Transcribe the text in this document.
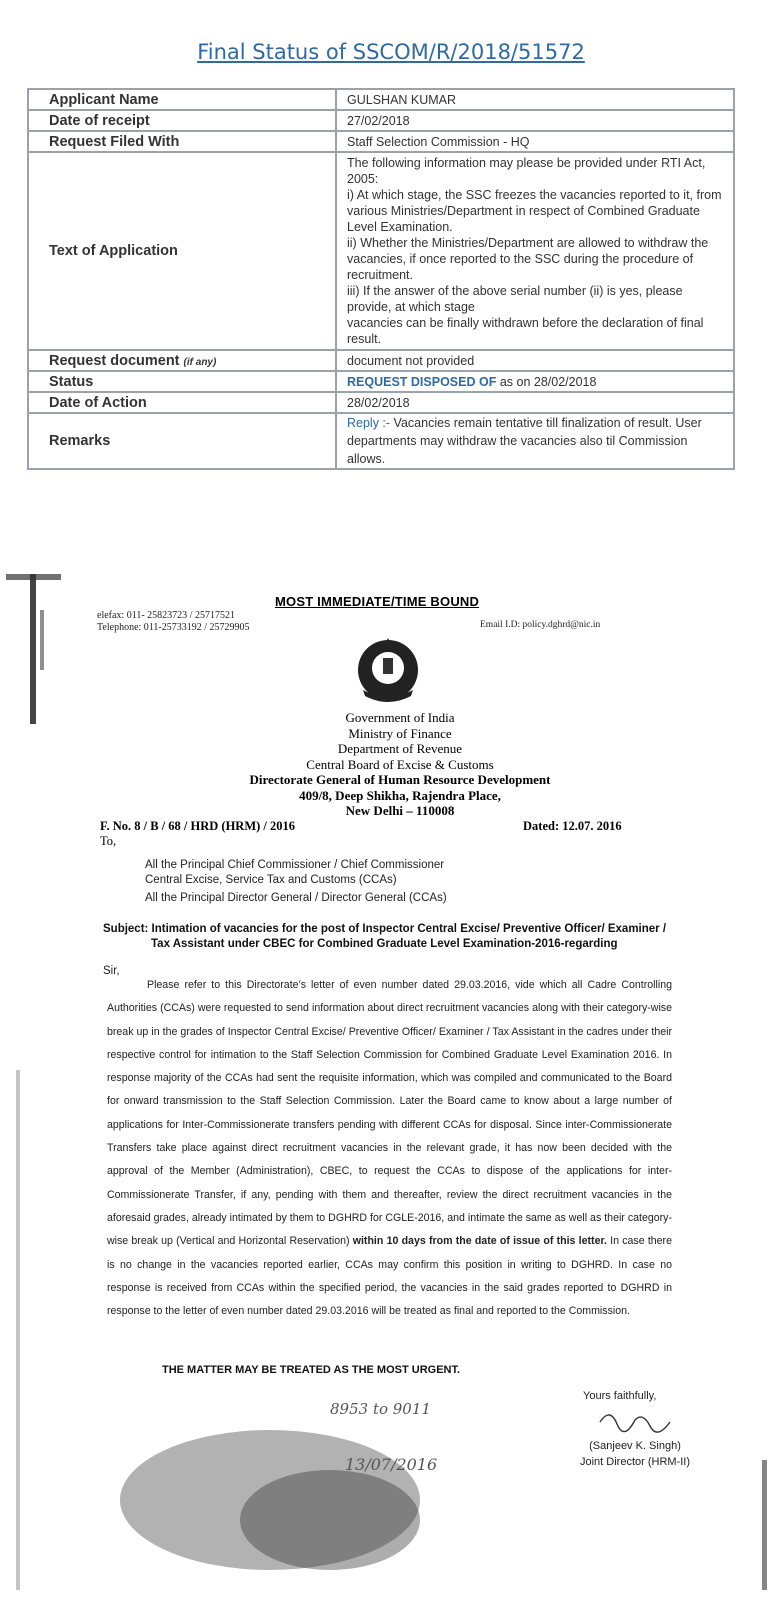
Final Status of SSCOM/R/2018/51572
Applicant Name	GULSHAN KUMAR
Date of receipt	27/02/2018
Request Filed With	Staff Selection Commission - HQ
Text of Application	The following information may please be provided under RTI Act, 2005:
i) At which stage, the SSC freezes the vacancies reported to it, from various Ministries/Department in respect of Combined Graduate Level Examination.
ii) Whether the Ministries/Department are allowed to withdraw the vacancies, if once reported to the SSC during the procedure of recruitment.
iii) If the answer of the above serial number (ii) is yes, please provide, at which stage
vacancies can be finally withdrawn before the declaration of final result.

Request document (if any)	document not provided
Status	REQUEST DISPOSED OF as on 28/02/2018
Date of Action	28/02/2018
Remarks	Reply :- Vacancies remain tentative till finalization of result. User departments may withdraw the vacancies also til Commission allows.
MOST IMMEDIATE/TIME BOUND
elefax: 011- 25823723 / 25717521
Telephone: 011-25733192 / 25729905	Email I.D: policy.dghrd@nic.in
Government of India
Ministry of Finance
Department of Revenue
Central Board of Excise & Customs
Directorate General of Human Resource Development
409/8, Deep Shikha, Rajendra Place,
New Delhi – 110008
F. No. 8 / B / 68 / HRD (HRM) / 2016	Dated: 12.07. 2016
To,
All the Principal Chief Commissioner / Chief Commissioner
Central Excise, Service Tax and Customs (CCAs)
All the Principal Director General / Director General (CCAs)
Subject: Intimation of vacancies for the post of Inspector Central Excise/ Preventive Officer/ Examiner /
Tax Assistant under CBEC for Combined Graduate Level Examination-2016-regarding
Sir,
Please refer to this Directorate’s letter of even number dated 29.03.2016, vide which all Cadre Controlling Authorities (CCAs) were requested to send information about direct recruitment vacancies along with their category-wise break up in the grades of Inspector Central Excise/ Preventive Officer/ Examiner / Tax Assistant in the cadres under their respective control for intimation to the Staff Selection Commission for Combined Graduate Level Examination 2016. In response majority of the CCAs had sent the requisite information, which was compiled and communicated to the Board for onward transmission to the Staff Selection Commission. Later the Board came to know about a large number of applications for Inter-Commissionerate transfers pending with different CCAs for disposal. Since inter-Commissionerate Transfers take place against direct recruitment vacancies in the relevant grade, it has now been decided with the approval of the Member (Administration), CBEC, to request the CCAs to dispose of the applications for inter-Commissionerate Transfer, if any, pending with them and thereafter, review the direct recruitment vacancies in the aforesaid grades, already intimated by them to DGHRD for CGLE-2016, and intimate the same as well as their category-wise break up (Vertical and Horizontal Reservation) within 10 days from the date of issue of this letter. In case there is no change in the vacancies reported earlier, CCAs may confirm this position in writing to DGHRD. In case no response is received from CCAs within the specified period, the vacancies in the said grades reported to DGHRD in response to the letter of even number dated 29.03.2016 will be treated as final and reported to the Commission.
THE MATTER MAY BE TREATED AS THE MOST URGENT.
Yours faithfully,
(Sanjeev K. Singh)
Joint Director (HRM-II)
8953 to 9011
13/07/2016
